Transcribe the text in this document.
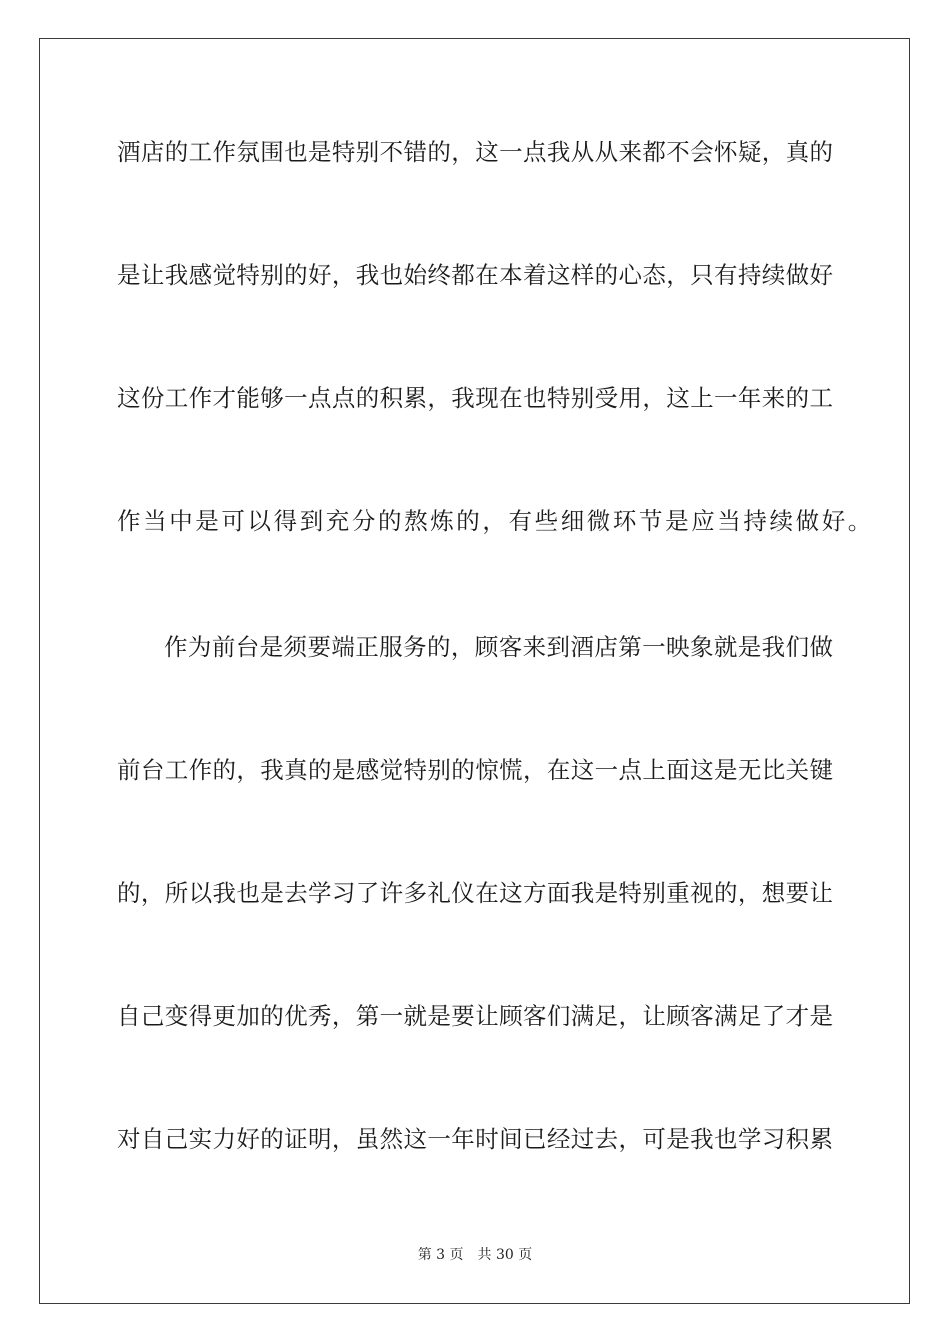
酒店的工作氛围也是特别不错的，这一点我从从来都不会怀疑，真的
是让我感觉特别的好，我也始终都在本着这样的心态，只有持续做好
这份工作才能够一点点的积累，我现在也特别受用，这上一年来的工
作当中是可以得到充分的熬炼的，有些细微环节是应当持续做好。
作为前台是须要端正服务的，顾客来到酒店第一映象就是我们做
前台工作的，我真的是感觉特别的惊慌，在这一点上面这是无比关键
的，所以我也是去学习了许多礼仪在这方面我是特别重视的，想要让
自己变得更加的优秀，第一就是要让顾客们满足，让顾客满足了才是
对自己实力好的证明，虽然这一年时间已经过去，可是我也学习积累
第 3 页 共 30 页
